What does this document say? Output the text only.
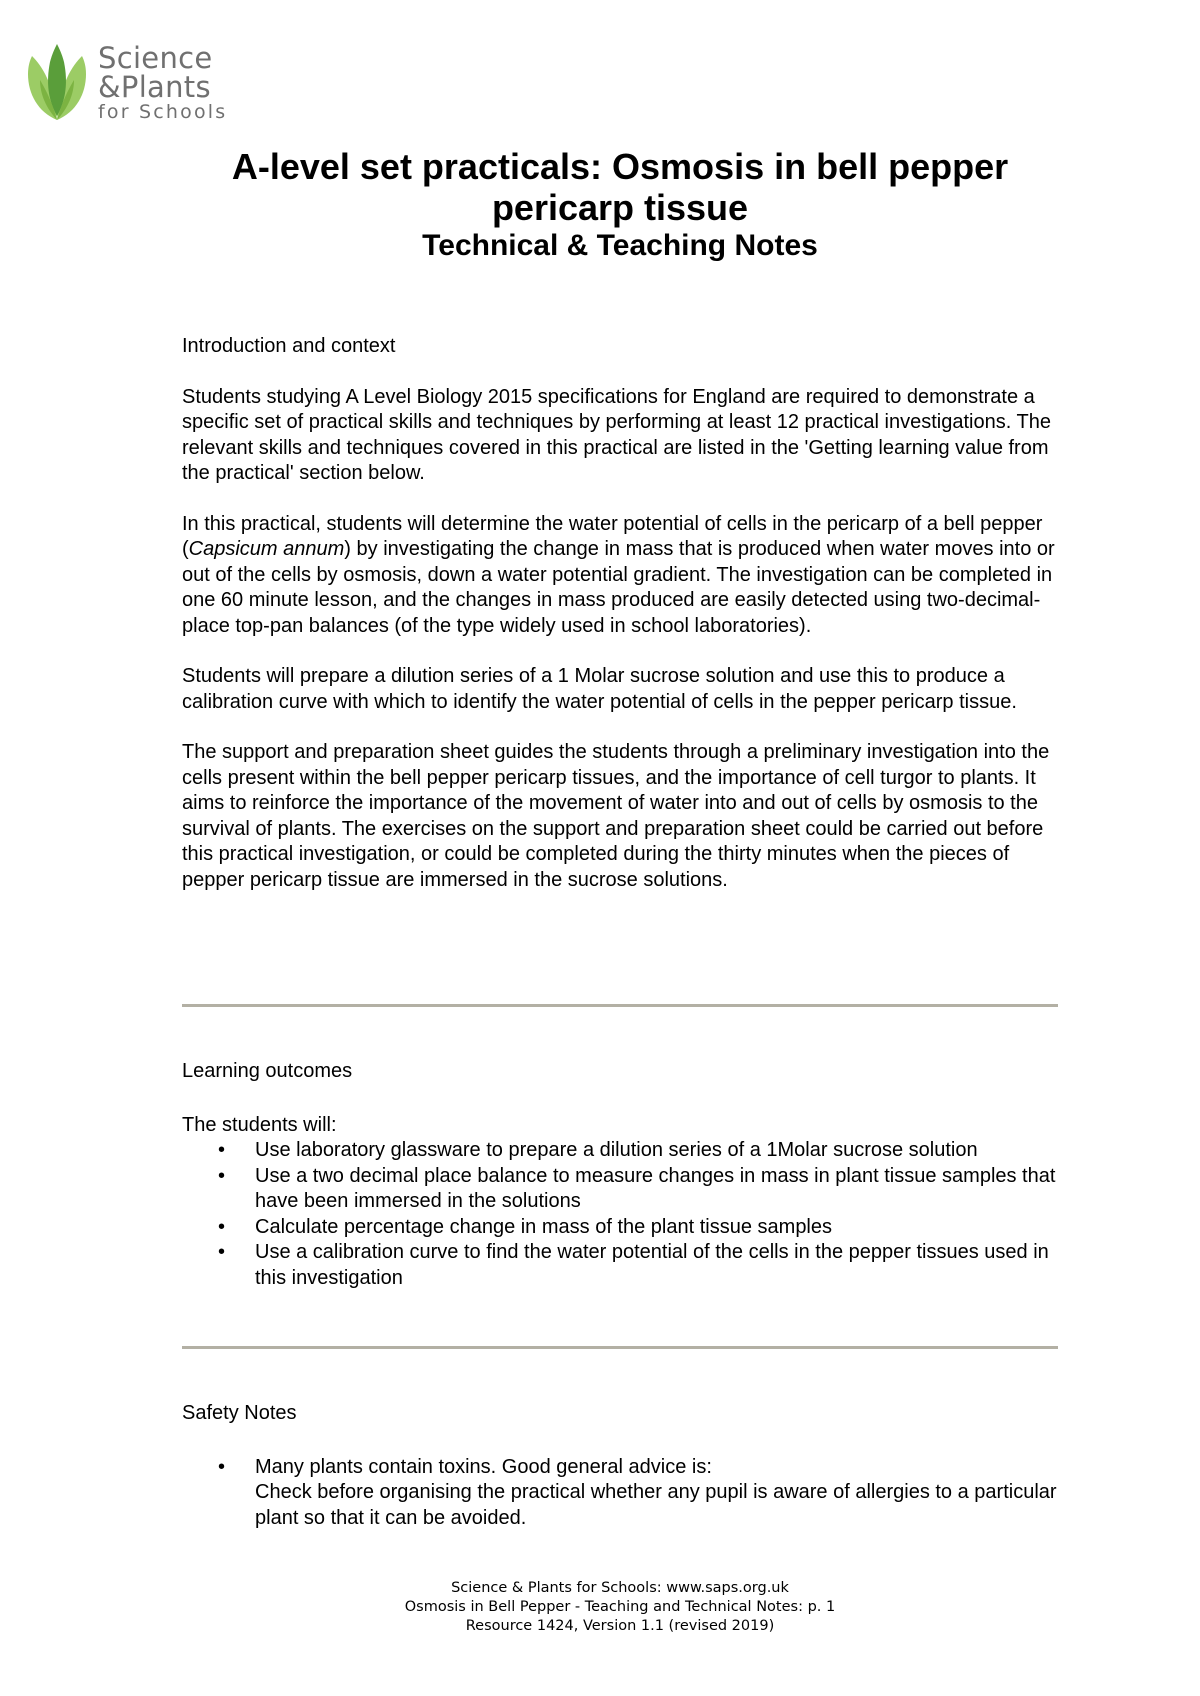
Science
&Plants
for Schools

A-level set practicals: Osmosis in bell pepper

pericarp tissue

Technical & Teaching Notes

Introduction and context

Students studying A Level Biology 2015 specifications for England are required to demonstrate a specific set of practical skills and techniques by performing at least 12 practical investigations. The relevant skills and techniques covered in this practical are listed in the 'Getting learning value from the practical' section below.

In this practical, students will determine the water potential of cells in the pericarp of a bell pepper (Capsicum annum) by investigating the change in mass that is produced when water moves into or out of the cells by osmosis, down a water potential gradient. The investigation can be completed in one 60 minute lesson, and the changes in mass produced are easily detected using two-decimal-place top-pan balances (of the type widely used in school laboratories).

Students will prepare a dilution series of a 1 Molar sucrose solution and use this to produce a calibration curve with which to identify the water potential of cells in the pepper pericarp tissue.

The support and preparation sheet guides the students through a preliminary investigation into the cells present within the bell pepper pericarp tissues, and the importance of cell turgor to plants. It aims to reinforce the importance of the movement of water into and out of cells by osmosis to the survival of plants. The exercises on the support and preparation sheet could be carried out before this practical investigation, or could be completed during the thirty minutes when the pieces of pepper pericarp tissue are immersed in the sucrose solutions.

Learning outcomes

The students will:

• Use laboratory glassware to prepare a dilution series of a 1Molar sucrose solution
• Use a two decimal place balance to measure changes in mass in plant tissue samples that have been immersed in the solutions
• Calculate percentage change in mass of the plant tissue samples
• Use a calibration curve to find the water potential of the cells in the pepper tissues used in this investigation

Safety Notes

• Many plants contain toxins. Good general advice is:
Check before organising the practical whether any pupil is aware of allergies to a particular plant so that it can be avoided.
Science & Plants for Schools: www.saps.org.uk
Osmosis in Bell Pepper - Teaching and Technical Notes: p. 1
Resource 1424, Version 1.1 (revised 2019)
